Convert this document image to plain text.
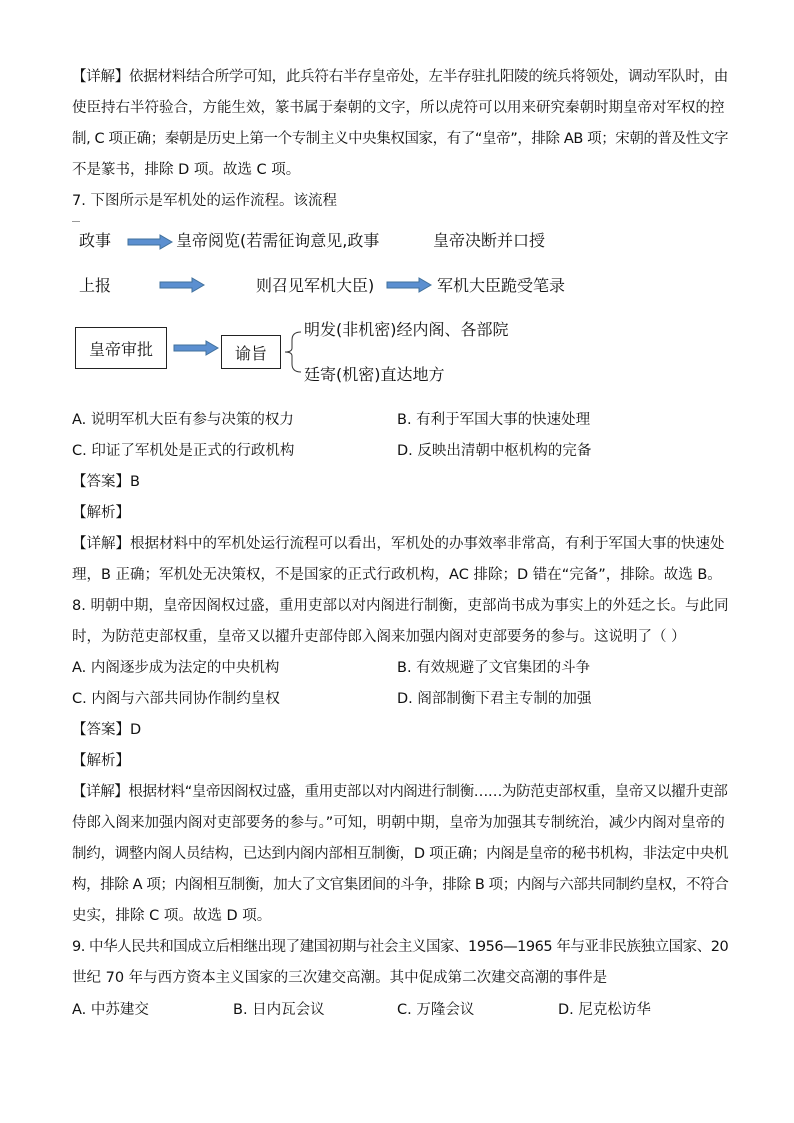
【详解】依据材料结合所学可知，此兵符右半存皇帝处，左半存驻扎阳陵的统兵将领处，调动军队时，由
使臣持右半符验合，方能生效，篆书属于秦朝的文字，所以虎符可以用来研究秦朝时期皇帝对军权的控
制, C 项正确；秦朝是历史上第一个专制主义中央集权国家，有了“皇帝”，排除 AB 项；宋朝的普及性文字
不是篆书，排除 D 项。故选 C 项。
7. 下图所示是军机处的运作流程。该流程
政事	皇帝阅览(若需征询意见,政事	皇帝决断并口授
上报	则召见军机大臣)	军机大臣跪受笔录
皇帝审批	谕旨
明发(非机密)经内阁、各部院
廷寄(机密)直达地方
A. 说明军机大臣有参与决策的权力	B. 有利于军国大事的快速处理
C. 印证了军机处是正式的行政机构	D. 反映出清朝中枢机构的完备
【答案】B
【解析】
【详解】根据材料中的军机处运行流程可以看出，军机处的办事效率非常高，有利于军国大事的快速处
理，B 正确；军机处无决策权，不是国家的正式行政机构，AC 排除；D 错在“完备”，排除。故选 B。
8. 明朝中期，皇帝因阁权过盛，重用吏部以对内阁进行制衡，吏部尚书成为事实上的外廷之长。与此同
时，为防范吏部权重，皇帝又以擢升吏部侍郎入阁来加强内阁对吏部要务的参与。这说明了（ ）
A. 内阁逐步成为法定的中央机构	B. 有效规避了文官集团的斗争
C. 内阁与六部共同协作制约皇权	D. 阁部制衡下君主专制的加强
【答案】D
【解析】
【详解】根据材料“皇帝因阁权过盛，重用吏部以对内阁进行制衡……为防范吏部权重，皇帝又以擢升吏部
侍郎入阁来加强内阁对吏部要务的参与。”可知，明朝中期，皇帝为加强其专制统治，减少内阁对皇帝的
制约，调整内阁人员结构，已达到内阁内部相互制衡，D 项正确；内阁是皇帝的秘书机构，非法定中央机
构，排除 A 项；内阁相互制衡，加大了文官集团间的斗争，排除 B 项；内阁与六部共同制约皇权，不符合
史实，排除 C 项。故选 D 项。
9. 中华人民共和国成立后相继出现了建国初期与社会主义国家、1956—1965 年与亚非民族独立国家、20
世纪 70 年与西方资本主义国家的三次建交高潮。其中促成第二次建交高潮的事件是
A. 中苏建交	B. 日内瓦会议	C. 万隆会议	D. 尼克松访华
